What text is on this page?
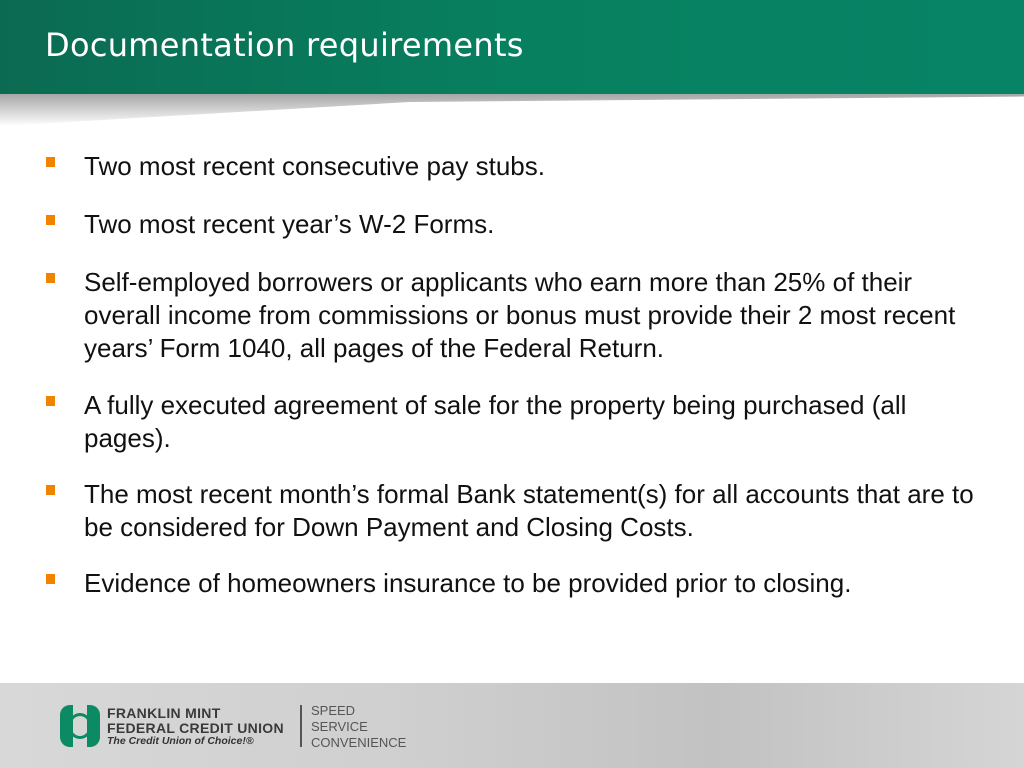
Documentation requirements
Two most recent consecutive pay stubs.
Two most recent year’s W-2 Forms.
Self-employed borrowers or applicants who earn more than 25% of their overall income from commissions or bonus must provide their 2 most recent years’ Form 1040, all pages of the Federal Return.
A fully executed agreement of sale for the property being purchased (all pages).
The most recent month’s formal Bank statement(s) for all accounts that are to be considered for Down Payment and Closing Costs.
Evidence of homeowners insurance to be provided prior to closing.
FRANKLIN MINT
FEDERAL CREDIT UNION
The Credit Union of Choice!®
SPEED
SERVICE
CONVENIENCE
